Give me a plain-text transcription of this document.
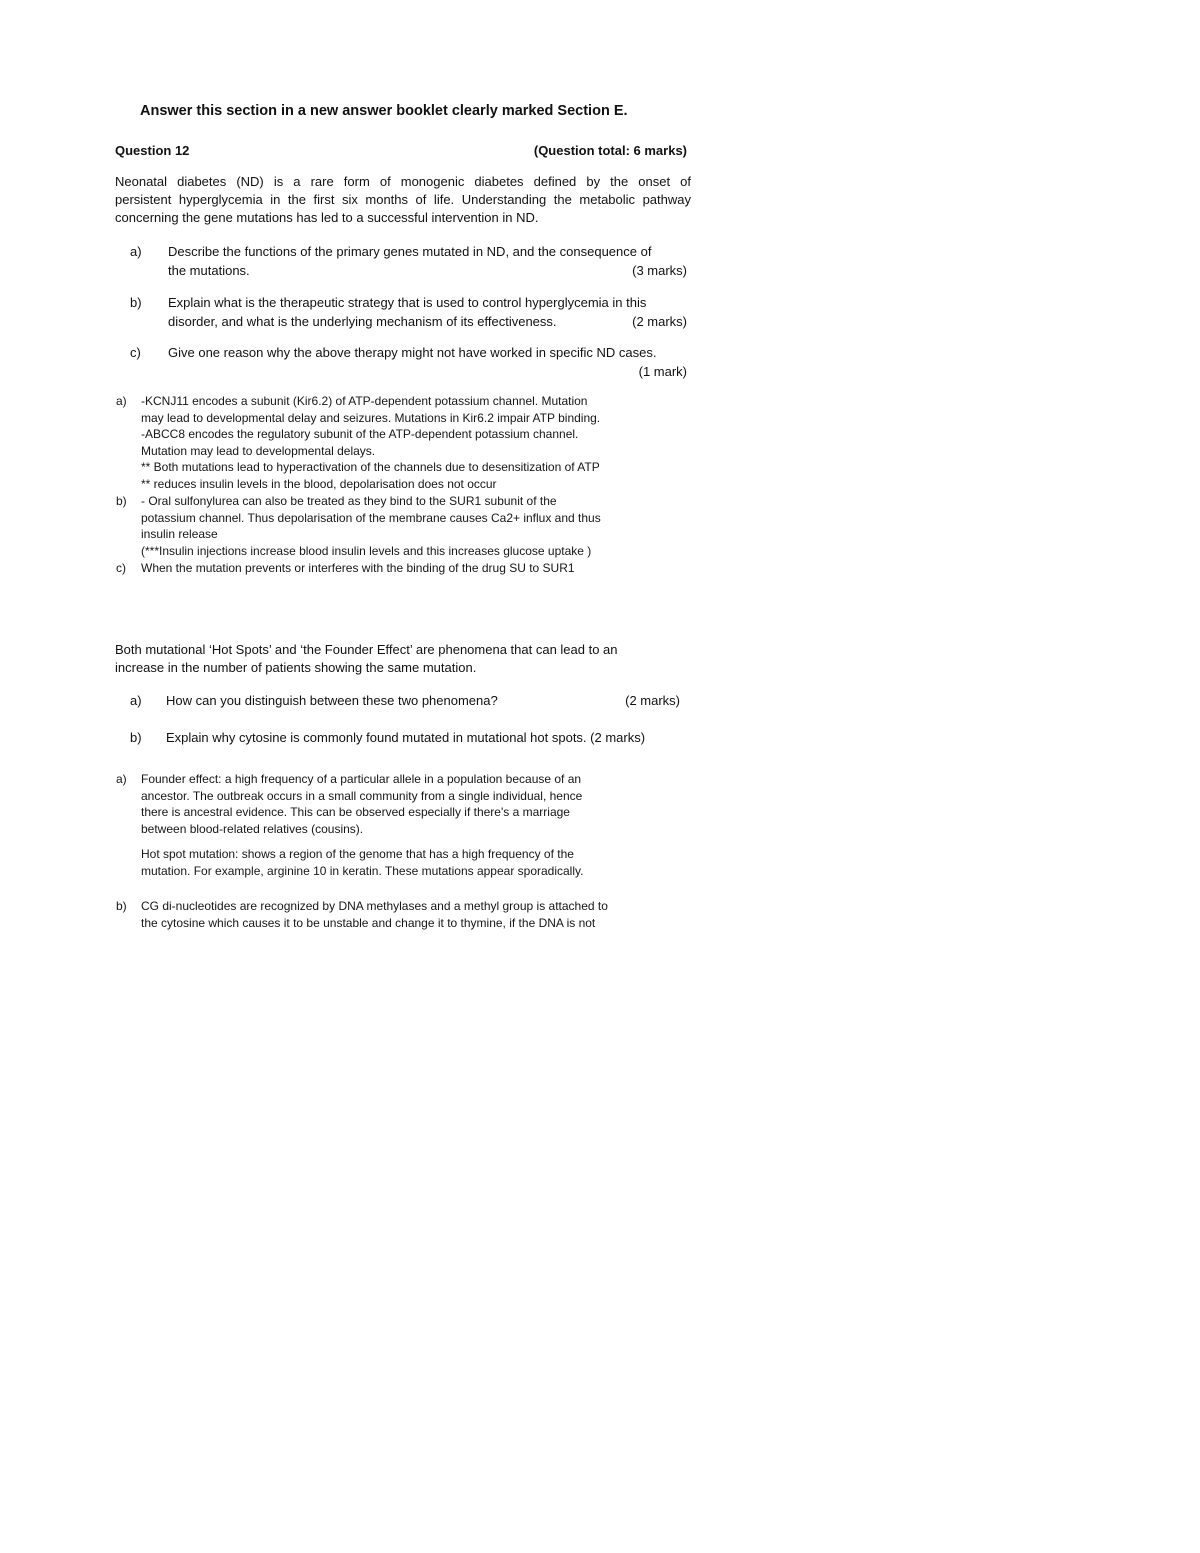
Answer this section in a new answer booklet clearly marked Section E.
Question 12	(Question total: 6 marks)
Neonatal diabetes (ND) is a rare form of monogenic diabetes defined by the onset of
persistent hyperglycemia in the first six months of life. Understanding the metabolic pathway
concerning the gene mutations has led to a successful intervention in ND.
a)	Describe the functions of the primary genes mutated in ND, and the consequence of
the mutations.	(3 marks)
b)	Explain what is the therapeutic strategy that is used to control hyperglycemia in this
disorder, and what is the underlying mechanism of its effectiveness.	(2 marks)
c)	Give one reason why the above therapy might not have worked in specific ND cases.
(1 mark)
a) -KCNJ11 encodes a subunit (Kir6.2) of ATP-dependent potassium channel. Mutation
may lead to developmental delay and seizures. Mutations in Kir6.2 impair ATP binding.
-ABCC8 encodes the regulatory subunit of the ATP-dependent potassium channel.
Mutation may lead to developmental delays.
** Both mutations lead to hyperactivation of the channels due to desensitization of ATP
** reduces insulin levels in the blood, depolarisation does not occur
b) - Oral sulfonylurea can also be treated as they bind to the SUR1 subunit of the
potassium channel. Thus depolarisation of the membrane causes Ca2+ influx and thus
insulin release
(***Insulin injections increase blood insulin levels and this increases glucose uptake )
c) When the mutation prevents or interferes with the binding of the drug SU to SUR1
Both mutational ‘Hot Spots’ and ‘the Founder Effect’ are phenomena that can lead to an
increase in the number of patients showing the same mutation.
a)	How can you distinguish between these two phenomena?	(2 marks)
b)	Explain why cytosine is commonly found mutated in mutational hot spots. (2 marks)
a) Founder effect: a high frequency of a particular allele in a population because of an
ancestor. The outbreak occurs in a small community from a single individual, hence
there is ancestral evidence. This can be observed especially if there's a marriage
between blood-related relatives (cousins).
Hot spot mutation: shows a region of the genome that has a high frequency of the
mutation. For example, arginine 10 in keratin. These mutations appear sporadically.
b) CG di-nucleotides are recognized by DNA methylases and a methyl group is attached to
the cytosine which causes it to be unstable and change it to thymine, if the DNA is not
